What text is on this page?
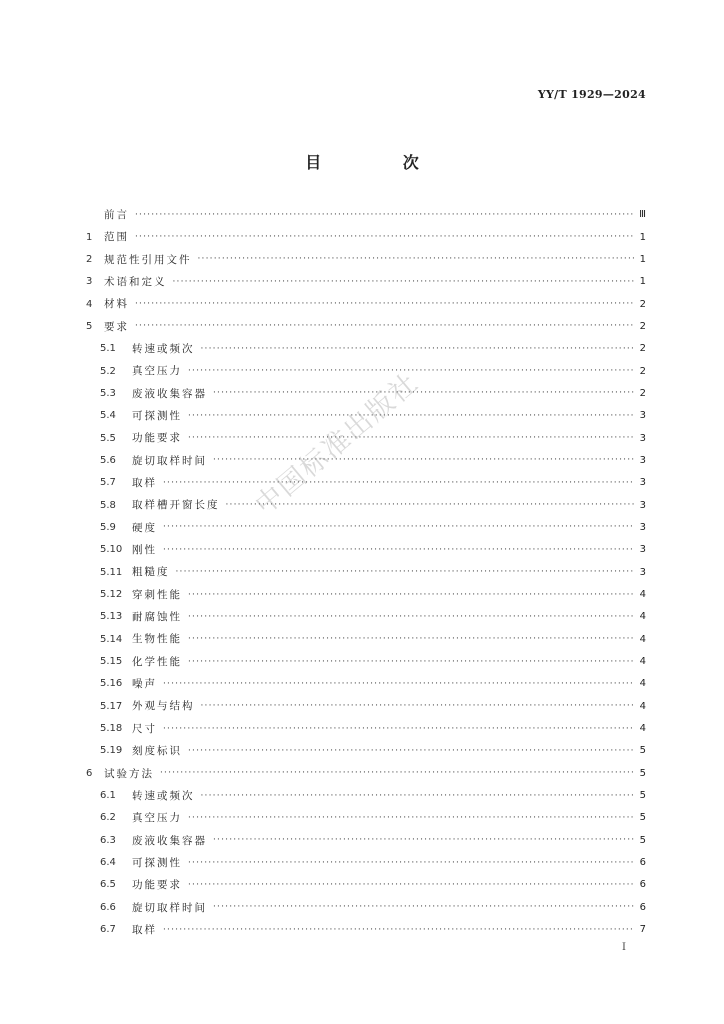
YY/T 1929—2024
目 次
前言 ·····	Ⅲ
1	范围 ·····	1
2	规范性引用文件 ·····	1
3	术语和定义 ·····	1
4	材料 ·····	2
5	要求 ·····	2
5.1	转速或频次 ·····	2
5.2	真空压力 ·····	2
5.3	废液收集容器 ·····	2
5.4	可探测性 ·····	3
5.5	功能要求 ·····	3
5.6	旋切取样时间 ·····	3
5.7	取样 ·····	3
5.8	取样槽开窗长度 ·····	3
5.9	硬度 ·····	3
5.10 刚性 ·····	3
5.11 粗糙度 ·····	3
5.12 穿刺性能 ·····	4
5.13 耐腐蚀性 ·····	4
5.14 生物性能 ·····	4
5.15 化学性能 ·····	4
5.16 噪声 ·····	4
5.17 外观与结构 ·····	4
5.18 尺寸 ·····	4
5.19 刻度标识 ·····	5
6	试验方法 ·····	5
6.1	转速或频次 ·····	5
6.2	真空压力 ·····	5
6.3	废液收集容器 ·····	5
6.4	可探测性 ·····	6
6.5	功能要求 ·····	6
6.6	旋切取样时间 ·····	6
6.7	取样 ·····	7
中国标准出版社
I
